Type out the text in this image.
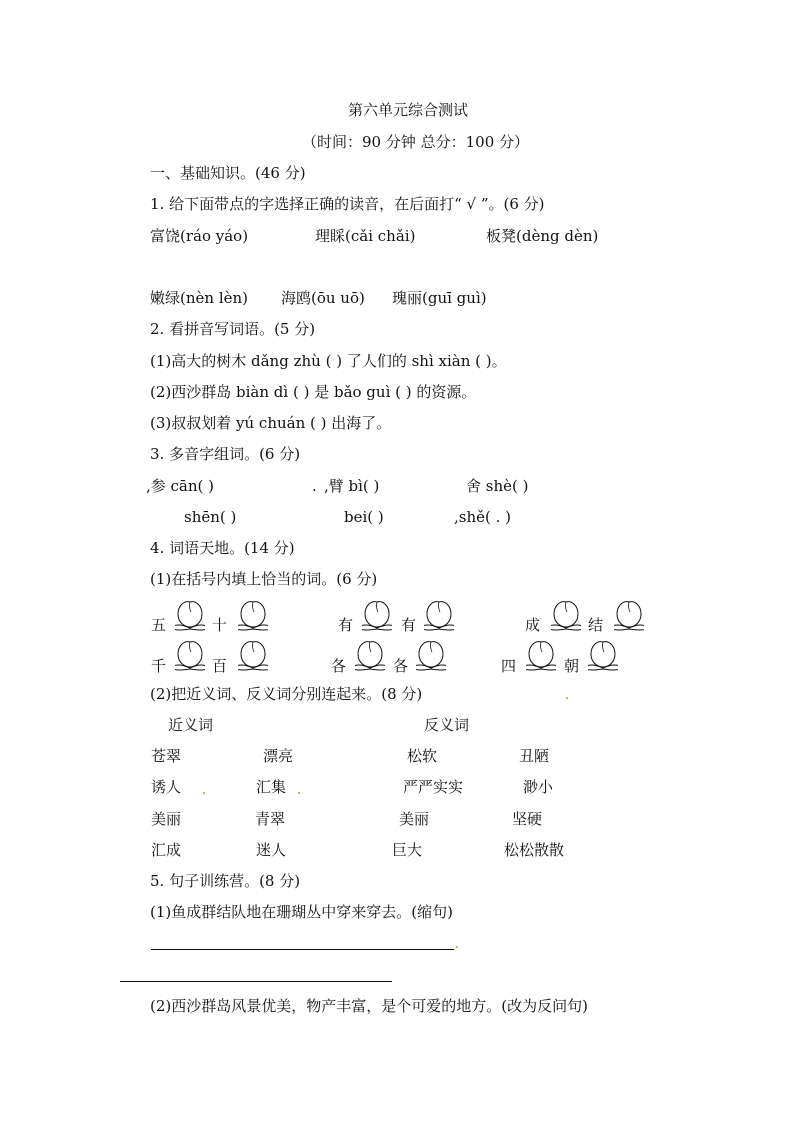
第六单元综合测试
（时间：90 分钟 总分：100 分）
一、基础知识。(46 分)
1. 给下面带点的字选择正确的读音，在后面打“ √ ”。(6 分)
富饶(ráo yáo)	理睬(cǎi chǎi)	板凳(dèng dèn)
嫩绿(nèn lèn) 海鸥(ōu uō) 瑰丽(guī guì)
2. 看拼音写词语。(5 分)
(1)高大的树木 dǎng zhù ( ) 了人们的 shì xiàn ( )。
(2)西沙群岛 biàn dì ( ) 是 bǎo guì ( ) 的资源。
(3)叔叔划着 yú chuán ( ) 出海了。
3. 多音字组词。(6 分)
,参 cān( )	. ,臂 bì( )	舍 shè( )
shēn( )	bei( )	,shě( . )
4. 词语天地。(14 分)
(1)在括号内填上恰当的词。(6 分)
五	十	有	有	成	结
千	百	各	各	四	朝
(2)把近义词、反义词分别连起来。(8 分)
近义词	反义词
苍翠	漂亮	松软	丑陋
诱人	汇集	严严实实	渺小
美丽	青翠	美丽	坚硬
汇成	迷人	巨大	松松散散
5. 句子训练营。(8 分)
(1)鱼成群结队地在珊瑚丛中穿来穿去。(缩句)
(2)西沙群岛风景优美，物产丰富，是个可爱的地方。(改为反问句)
